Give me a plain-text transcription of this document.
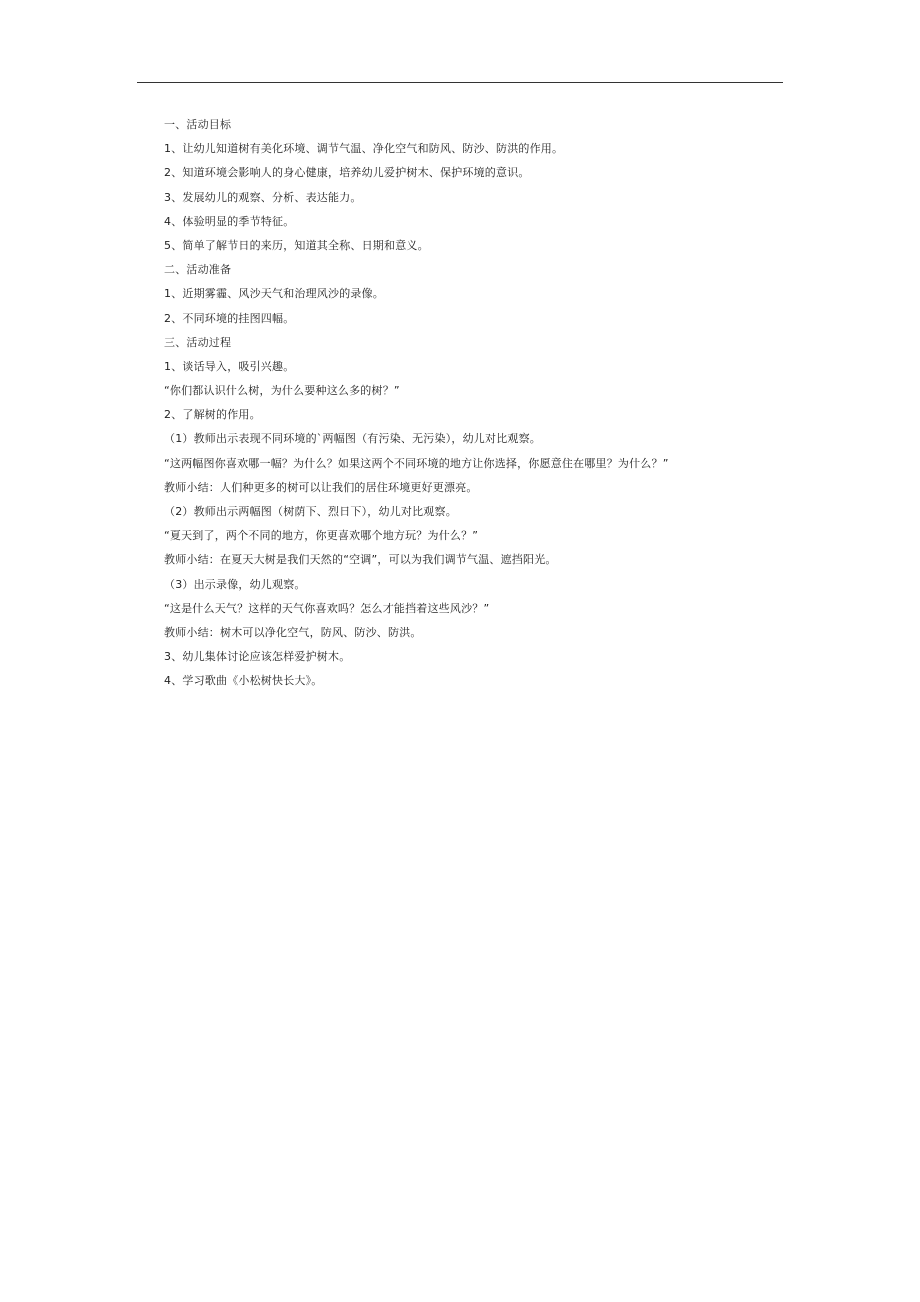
一、活动目标
1、让幼儿知道树有美化环境、调节气温、净化空气和防风、防沙、防洪的作用。
2、知道环境会影响人的身心健康，培养幼儿爱护树木、保护环境的意识。
3、发展幼儿的观察、分析、表达能力。
4、体验明显的季节特征。
5、简单了解节日的来历，知道其全称、日期和意义。
二、活动准备
1、近期雾霾、风沙天气和治理风沙的录像。
2、不同环境的挂图四幅。
三、活动过程
1、谈话导入，吸引兴趣。
“你们都认识什么树，为什么要种这么多的树？”
2、了解树的作用。
（1）教师出示表现不同环境的`两幅图（有污染、无污染），幼儿对比观察。
“这两幅图你喜欢哪一幅？为什么？如果这两个不同环境的地方让你选择，你愿意住在哪里？为什么？”
教师小结：人们种更多的树可以让我们的居住环境更好更漂亮。
（2）教师出示两幅图（树荫下、烈日下），幼儿对比观察。
“夏天到了，两个不同的地方，你更喜欢哪个地方玩？为什么？”
教师小结：在夏天大树是我们天然的“空调”，可以为我们调节气温、遮挡阳光。
（3）出示录像，幼儿观察。
“这是什么天气？这样的天气你喜欢吗？怎么才能挡着这些风沙？”
教师小结：树木可以净化空气，防风、防沙、防洪。
3、幼儿集体讨论应该怎样爱护树木。
4、学习歌曲《小松树快长大》。
